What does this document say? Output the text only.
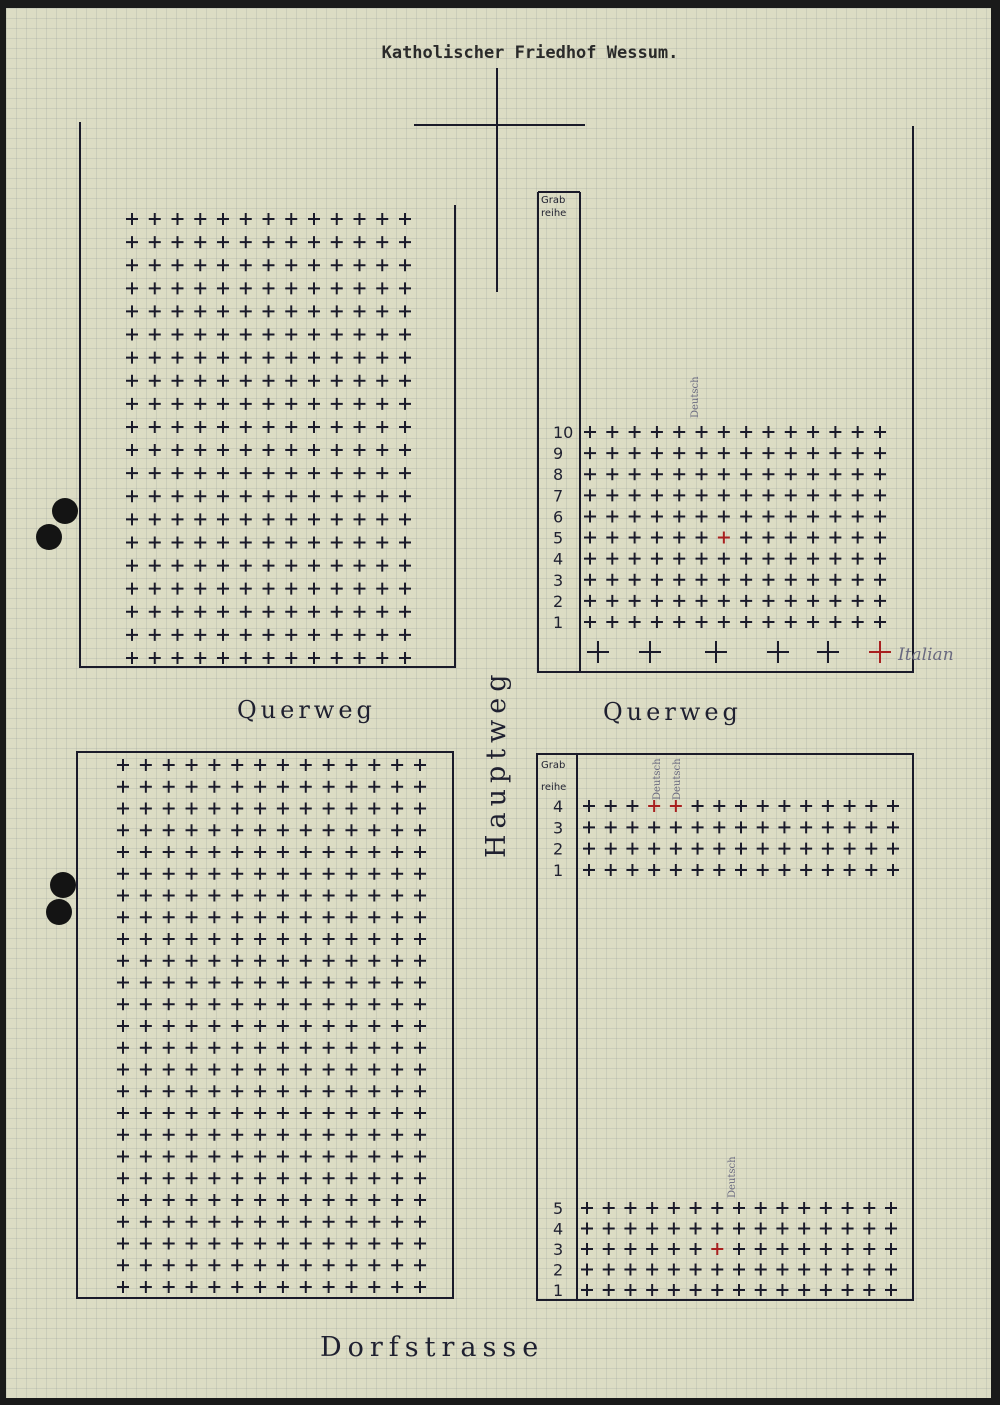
Katholischer Friedhof Wessum.
Grab
reihe
10
9
8
7
6
5
4
3
2
1
Deutsch
Italian
Querweg	Querweg
Hauptweg
Dorfstrasse
Grab
reihe
4
3
2
1
Deutsch Deutsch
5
4
3
2
1
Deutsch
